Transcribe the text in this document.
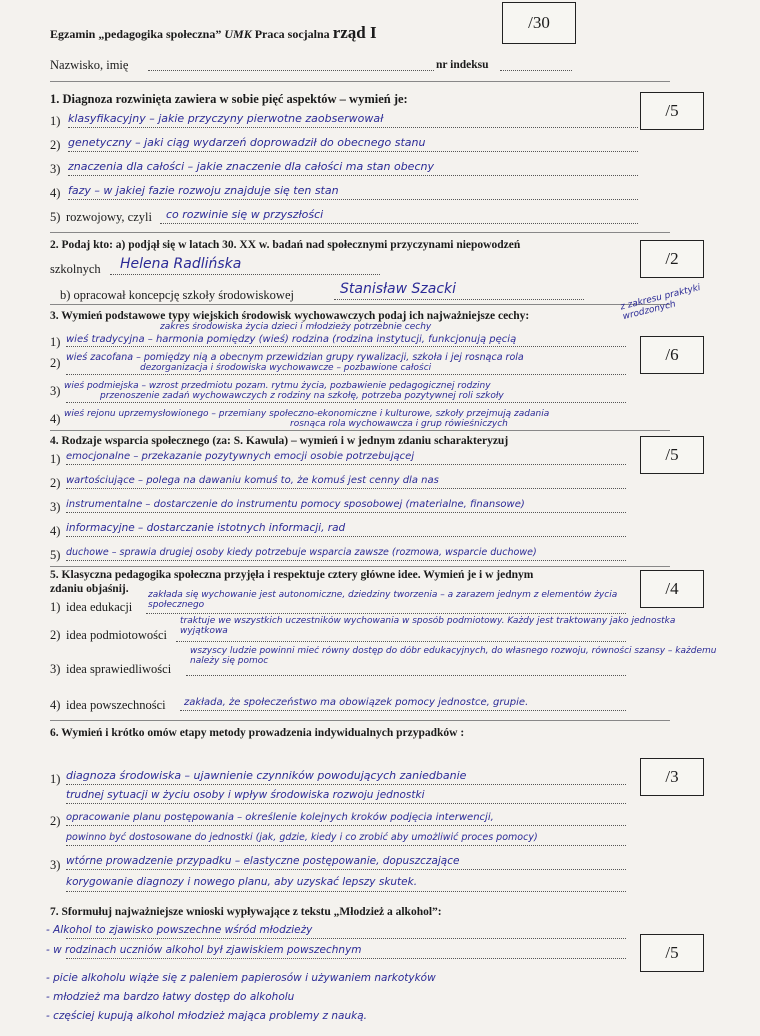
Egzamin „pedagogika społeczna” UMK Praca socjalna rząd I
/30
Nazwisko, imię	nr indeksu
1. Diagnoza rozwinięta zawiera w sobie pięć aspektów – wymień je:
/5
1) klasyfikacyjny – jakie przyczyny pierwotne zaobserwował
2) genetyczny – jaki ciąg wydarzeń doprowadził do obecnego stanu
3) znaczenia dla całości – jakie znaczenie dla całości ma stan obecny
4) fazy – w jakiej fazie rozwoju znajduje się ten stan
5) rozwojowy, czyli co rozwinie się w przyszłości
2. Podaj kto: a) podjął się w latach 30. XX w. badań nad społecznymi przyczynami niepowodzeń
szkolnych Helena Radlińska	/2
b) opracował koncepcję szkoły środowiskowej	Stanisław Szacki
3. Wymień podstawowe typy wiejskich środowisk wychowawczych podaj ich najważniejsze cechy:
z zakresu praktyki wrodzonych
/6
zakres środowiska życia dzieci i młodzieży potrzebnie cechy
1) wieś tradycyjna – harmonia pomiędzy (wieś) rodzina (rodzina instytucji, funkcjonują pęcią
2) wieś zacofana – pomiędzy nią a obecnym przewidzian grupy rywalizacji, szkoła i jej rosnąca rola
dezorganizacja i środowiska wychowawcze – pozbawione całości
3) wieś podmiejska – wzrost przedmiotu pozam. rytmu życia, pozbawienie pedagogicznej rodziny
przenoszenie zadań wychowawczych z rodziny na szkołę, potrzeba pozytywnej roli szkoły
4) wieś rejonu uprzemysłowionego – przemiany społeczno-ekonomiczne i kulturowe, szkoły przejmują zadania
rosnąca rola wychowawcza i grup rówieśniczych
4. Rodzaje wsparcia społecznego (za: S. Kawula) – wymień i w jednym zdaniu scharakteryzuj
/5
1) emocjonalne – przekazanie pozytywnych emocji osobie potrzebującej
2) wartościujące – polega na dawaniu komuś to, że komuś jest cenny dla nas
3) instrumentalne – dostarczenie do instrumentu pomocy sposobowej (materialne, finansowe)
4) informacyjne – dostarczanie istotnych informacji, rad
5) duchowe – sprawia drugiej osoby kiedy potrzebuje wsparcia zawsze (rozmowa, wsparcie duchowe)
5. Klasyczna pedagogika społeczna przyjęła i respektuje cztery główne idee. Wymień je i w jednym
zdaniu objaśnij.	/4
1) idea edukacji
zakłada się wychowanie jest autonomiczne, dziedziny tworzenia – a zarazem jednym z elementów życia społecznego
2) idea podmiotowości
traktuje we wszystkich uczestników wychowania w sposób podmiotowy. Każdy jest traktowany jako jednostka wyjątkowa
3) idea sprawiedliwości
wszyscy ludzie powinni mieć równy dostęp do dóbr edukacyjnych, do własnego rozwoju, równości szansy – każdemu należy się pomoc
4) idea powszechności zakłada, że społeczeństwo ma obowiązek pomocy jednostce, grupie.
6. Wymień i krótko omów etapy metody prowadzenia indywidualnych przypadków :
/3
1) diagnoza środowiska – ujawnienie czynników powodujących zaniedbanie
trudnej sytuacji w życiu osoby i wpływ środowiska rozwoju jednostki
2) opracowanie planu postępowania – określenie kolejnych kroków podjęcia interwencji,
powinno być dostosowane do jednostki (jak, gdzie, kiedy i co zrobić aby umożliwić proces pomocy)
3) wtórne prowadzenie przypadku – elastyczne postępowanie, dopuszczające
korygowanie diagnozy i nowego planu, aby uzyskać lepszy skutek.
7. Sformułuj najważniejsze wnioski wypływające z tekstu „Młodzież a alkohol”:
/5
- Alkohol to zjawisko powszechne wśród młodzieży
- w rodzinach uczniów alkohol był zjawiskiem powszechnym
- picie alkoholu wiąże się z paleniem papierosów i używaniem narkotyków
- młodzież ma bardzo łatwy dostęp do alkoholu
- częściej kupują alkohol młodzież mająca problemy z nauką.
